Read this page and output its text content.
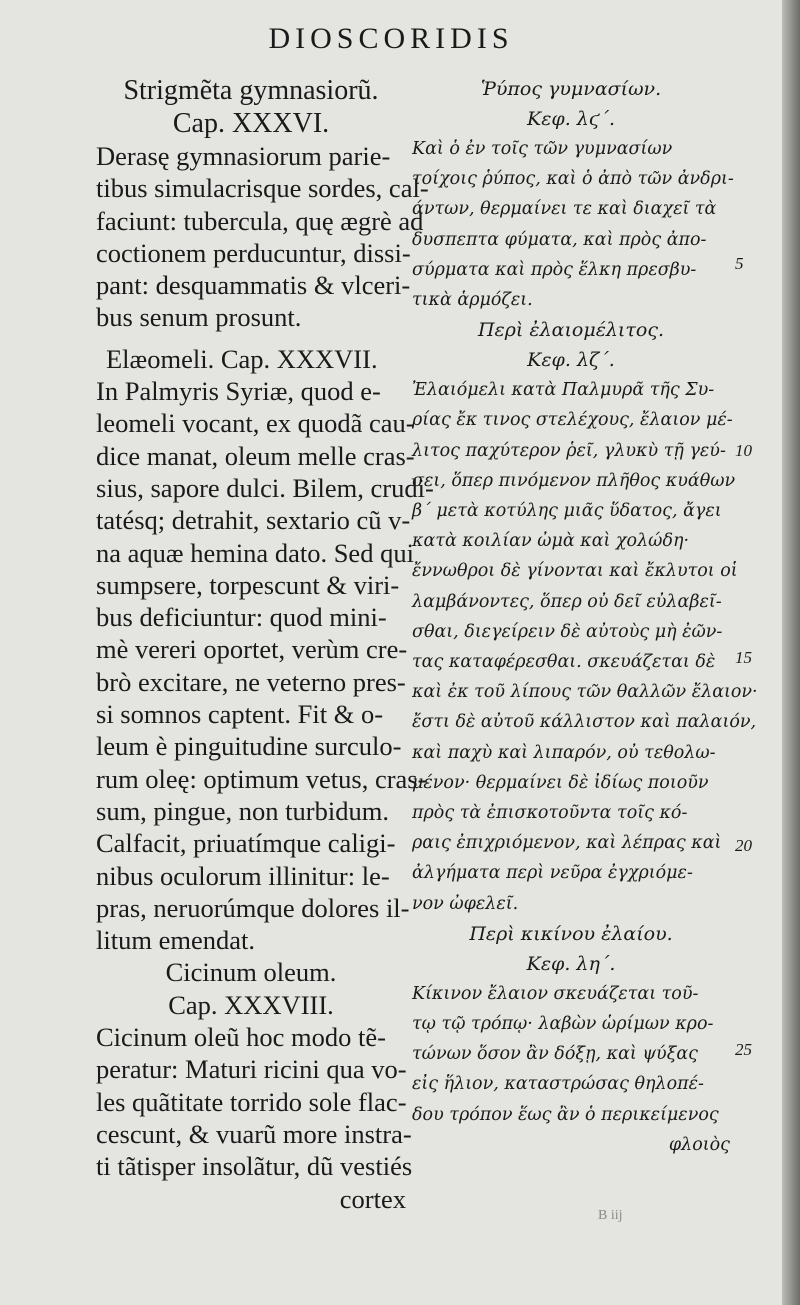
DIOSCORIDIS
Strigmẽta gymnasiorũ.
Cap. XXXVI.
Derasę gymnasiorum parie-
tibus simulacrisque sordes, cal-
faciunt: tubercula, quę ægrè ad
coctionem perducuntur, dissi-
pant: desquammatis & vlceri-
bus senum prosunt.
Elæomeli. Cap. XXXVII.
In Palmyris Syriæ, quod e-
leomeli vocant, ex quodã cau-
dice manat, oleum melle cras-
sius, sapore dulci. Bilem, crudi-
tatésq; detrahit, sextario cũ v-
na aquæ hemina dato. Sed qui
sumpsere, torpescunt & viri-
bus deficiuntur: quod mini-
mè vereri oportet, verùm cre-
brò excitare, ne veterno pres-
si somnos captent. Fit & o-
leum è pinguitudine surculo-
rum oleę: optimum vetus, cras-
sum, pingue, non turbidum.
Calfacit, priuatímque caligi-
nibus oculorum illinitur: le-
pras, neruorúmque dolores il-
litum emendat.
Cicinum oleum.
Cap. XXXVIII.
Cicinum oleũ hoc modo tẽ-
peratur: Maturi ricini qua vo-
les quãtitate torrido sole flac-
cescunt, & vuarũ more instra-
ti tãtisper insolãtur, dũ vestiés
cortex
Ῥύπος γυμνασίων.
Κεφ. λϛ΄.
Καὶ ὁ ἐν τοῖς τῶν γυμνασίων
τοίχοις ῥύπος, καὶ ὁ ἀπὸ τῶν ἀνδρι-
άντων, θερμαίνει τε καὶ διαχεῖ τὰ
δυσπεπτα φύματα, καὶ πρὸς ἀπο-
σύρματα καὶ πρὸς ἕλκη πρεσβυ-
τικὰ ἁρμόζει.
Περὶ ἐλαιομέλιτος.
Κεφ. λζ΄.
Ἐλαιόμελι κατὰ Παλμυρᾶ τῆς Συ-
ρίας ἔκ τινος στελέχους, ἔλαιον μέ-
λιτος παχύτερον ῥεῖ, γλυκὺ τῇ γεύ-
σει, ὅπερ πινόμενον πλῆθος κυάθων
β΄ μετὰ κοτύλης μιᾶς ὕδατος, ἄγει
κατὰ κοιλίαν ὠμὰ καὶ χολώδη·
ἔννωθροι δὲ γίνονται καὶ ἔκλυτοι οἱ
λαμβάνοντες, ὅπερ οὐ δεῖ εὐλαβεῖ-
σθαι, διεγείρειν δὲ αὐτοὺς μὴ ἐῶν-
τας καταφέρεσθαι. σκευάζεται δὲ
καὶ ἐκ τοῦ λίπους τῶν θαλλῶν ἔλαιον·
ἔστι δὲ αὐτοῦ κάλλιστον καὶ παλαιόν,
καὶ παχὺ καὶ λιπαρόν, οὐ τεθολω-
μένον· θερμαίνει δὲ ἰδίως ποιοῦν
πρὸς τὰ ἐπισκοτοῦντα τοῖς κό-
ραις ἐπιχριόμενον, καὶ λέπρας καὶ
ἀλγήματα περὶ νεῦρα ἐγχριόμε-
νον ὠφελεῖ.
Περὶ κικίνου ἐλαίου.
Κεφ. λη΄.
Κίκινον ἔλαιον σκευάζεται τοῦ-
τῳ τῷ τρόπῳ· λαβὼν ὡρίμων κρο-
τώνων ὅσον ἂν δόξῃ, καὶ ψύξας
εἰς ἥλιον, καταστρώσας θηλοπέ-
δου τρόπον ἕως ἂν ὁ περικείμενος
φλοιὸς
5
10
15
20
25
B iij
